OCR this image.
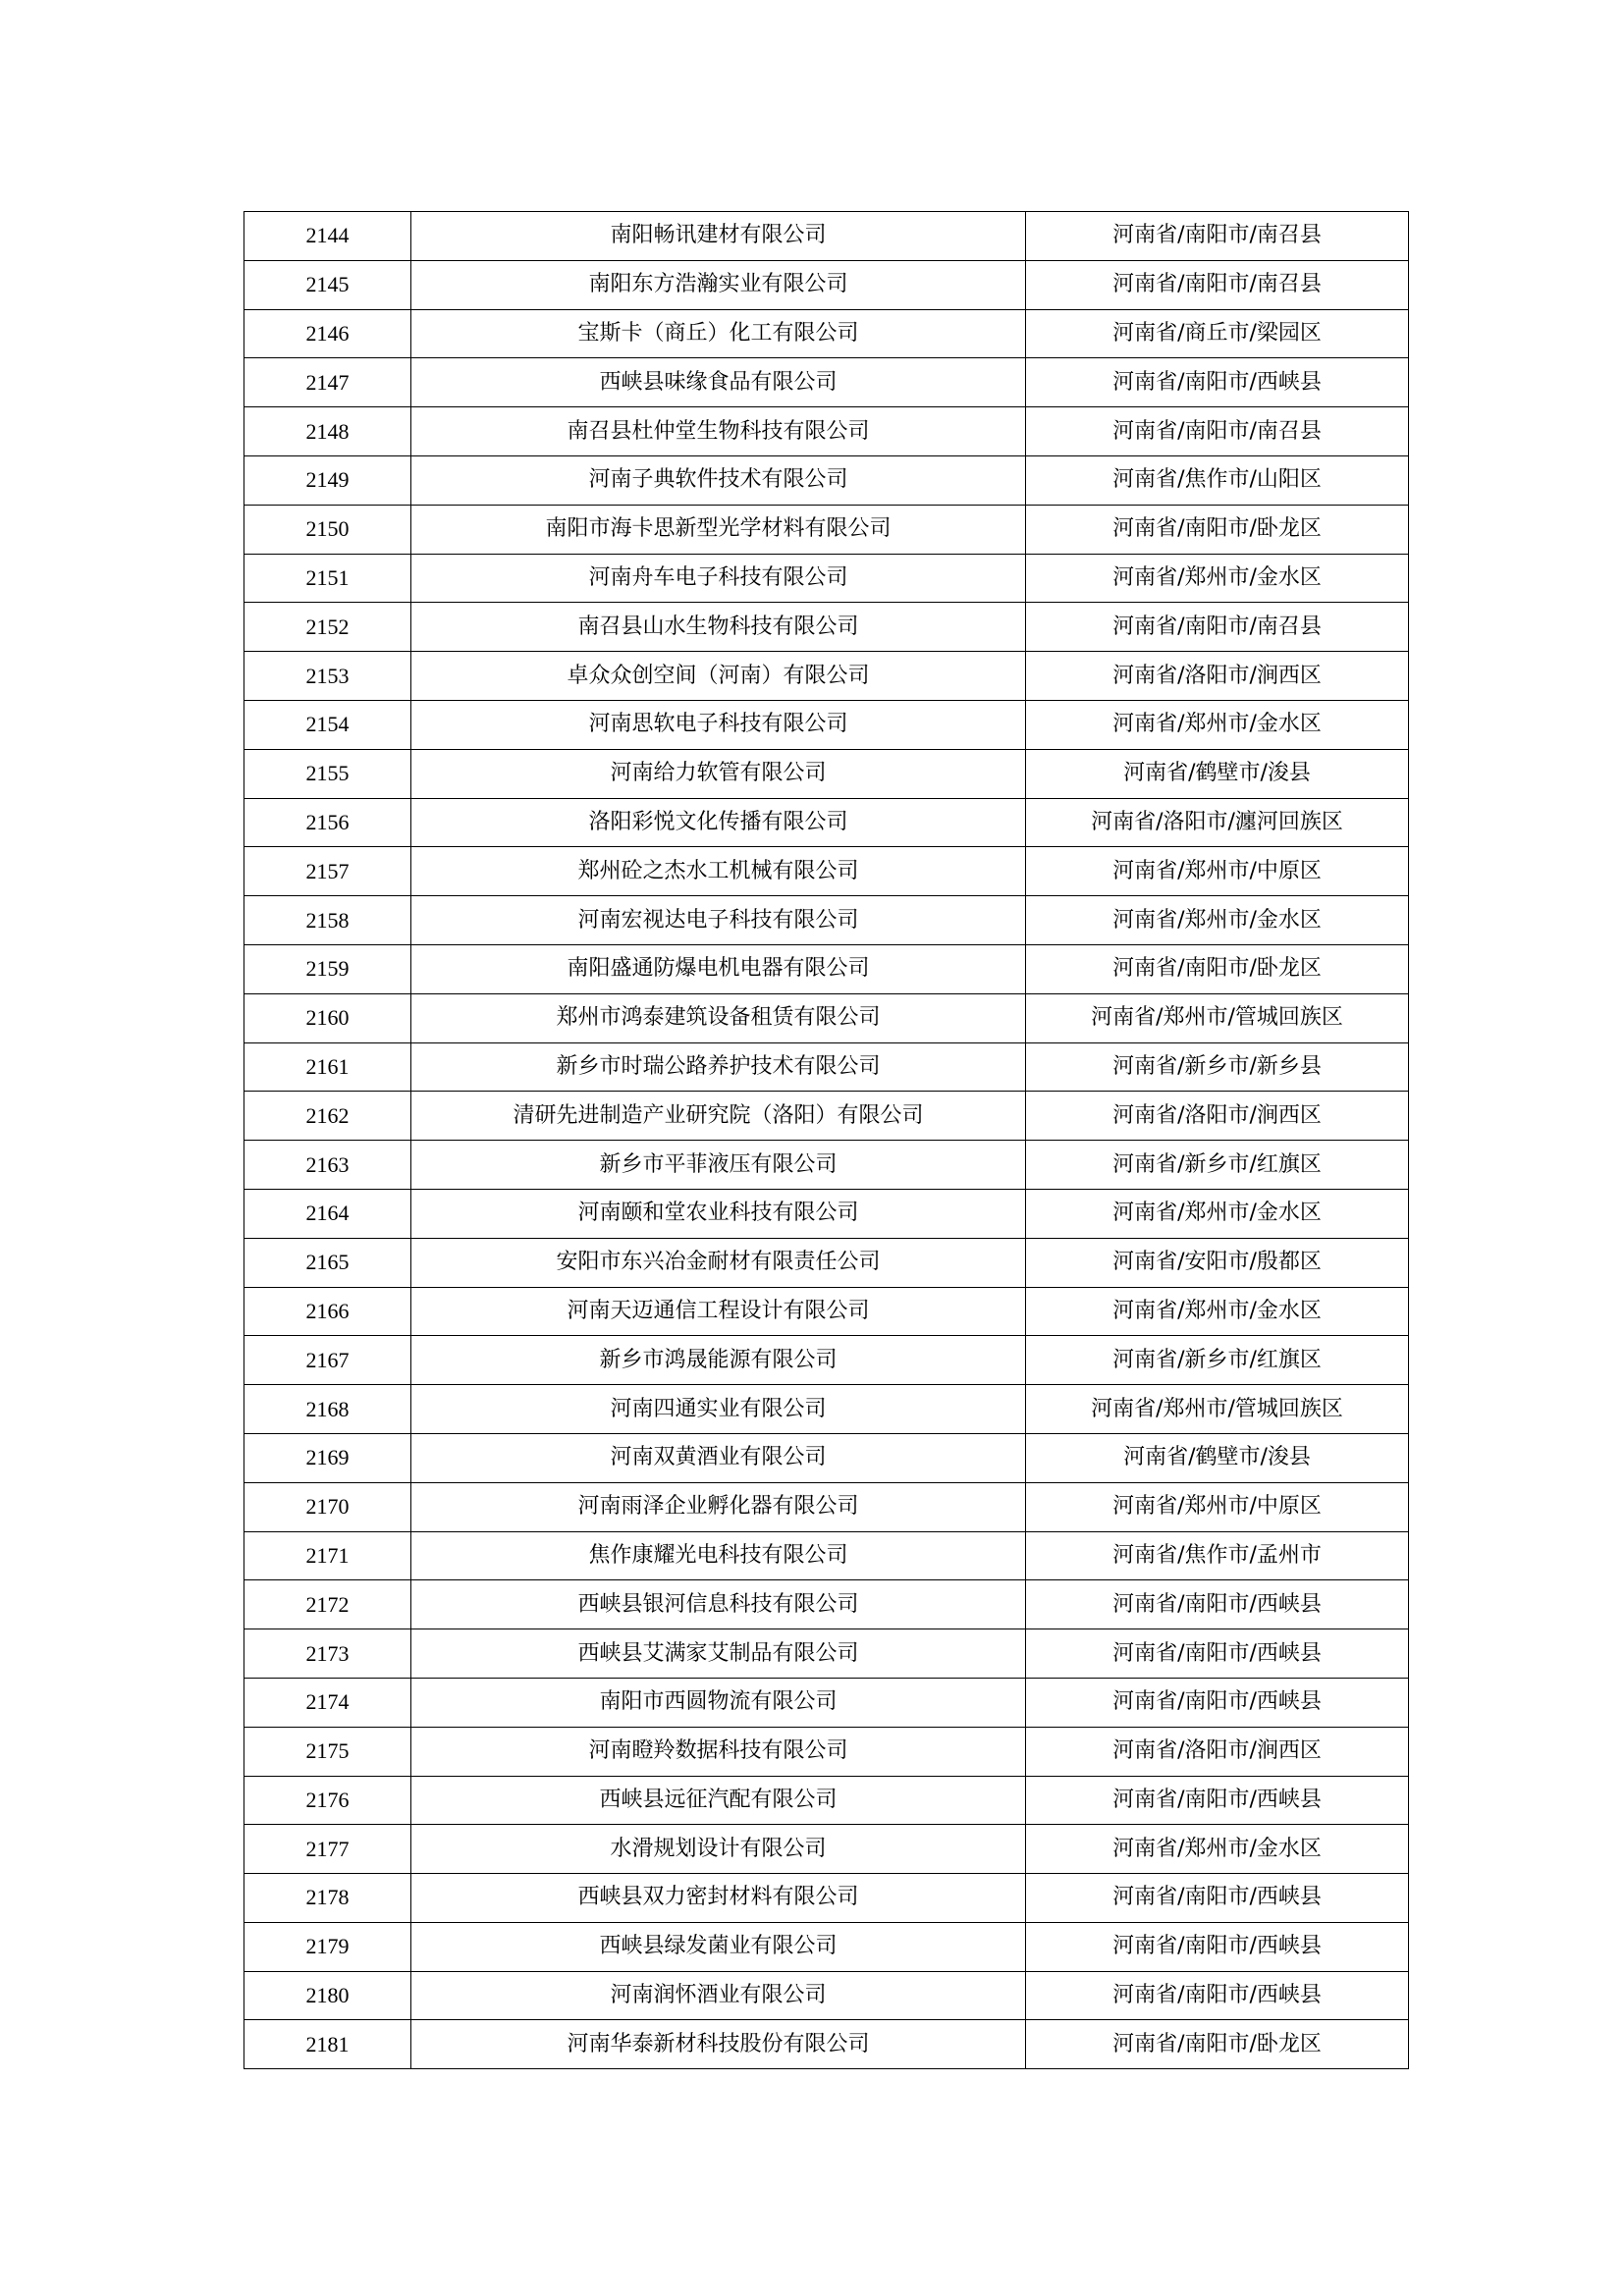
2144	南阳畅讯建材有限公司	河南省/南阳市/南召县
2145	南阳东方浩瀚实业有限公司	河南省/南阳市/南召县
2146	宝斯卡（商丘）化工有限公司	河南省/商丘市/梁园区
2147	西峡县味缘食品有限公司	河南省/南阳市/西峡县
2148	南召县杜仲堂生物科技有限公司	河南省/南阳市/南召县
2149	河南子典软件技术有限公司	河南省/焦作市/山阳区
2150	南阳市海卡思新型光学材料有限公司	河南省/南阳市/卧龙区
2151	河南舟车电子科技有限公司	河南省/郑州市/金水区
2152	南召县山水生物科技有限公司	河南省/南阳市/南召县
2153	卓众众创空间（河南）有限公司	河南省/洛阳市/涧西区
2154	河南思软电子科技有限公司	河南省/郑州市/金水区
2155	河南给力软管有限公司	河南省/鹤壁市/浚县
2156	洛阳彩悦文化传播有限公司	河南省/洛阳市/瀍河回族区
2157	郑州砼之杰水工机械有限公司	河南省/郑州市/中原区
2158	河南宏视达电子科技有限公司	河南省/郑州市/金水区
2159	南阳盛通防爆电机电器有限公司	河南省/南阳市/卧龙区
2160	郑州市鸿泰建筑设备租赁有限公司	河南省/郑州市/管城回族区
2161	新乡市时瑞公路养护技术有限公司	河南省/新乡市/新乡县
2162	清研先进制造产业研究院（洛阳）有限公司	河南省/洛阳市/涧西区
2163	新乡市平菲液压有限公司	河南省/新乡市/红旗区
2164	河南颐和堂农业科技有限公司	河南省/郑州市/金水区
2165	安阳市东兴冶金耐材有限责任公司	河南省/安阳市/殷都区
2166	河南天迈通信工程设计有限公司	河南省/郑州市/金水区
2167	新乡市鸿晟能源有限公司	河南省/新乡市/红旗区
2168	河南四通实业有限公司	河南省/郑州市/管城回族区
2169	河南双黄酒业有限公司	河南省/鹤壁市/浚县
2170	河南雨泽企业孵化器有限公司	河南省/郑州市/中原区
2171	焦作康耀光电科技有限公司	河南省/焦作市/孟州市
2172	西峡县银河信息科技有限公司	河南省/南阳市/西峡县
2173	西峡县艾满家艾制品有限公司	河南省/南阳市/西峡县
2174	南阳市西圆物流有限公司	河南省/南阳市/西峡县
2175	河南瞪羚数据科技有限公司	河南省/洛阳市/涧西区
2176	西峡县远征汽配有限公司	河南省/南阳市/西峡县
2177	水滑规划设计有限公司	河南省/郑州市/金水区
2178	西峡县双力密封材料有限公司	河南省/南阳市/西峡县
2179	西峡县绿发菌业有限公司	河南省/南阳市/西峡县
2180	河南润怀酒业有限公司	河南省/南阳市/西峡县
2181	河南华泰新材科技股份有限公司	河南省/南阳市/卧龙区
